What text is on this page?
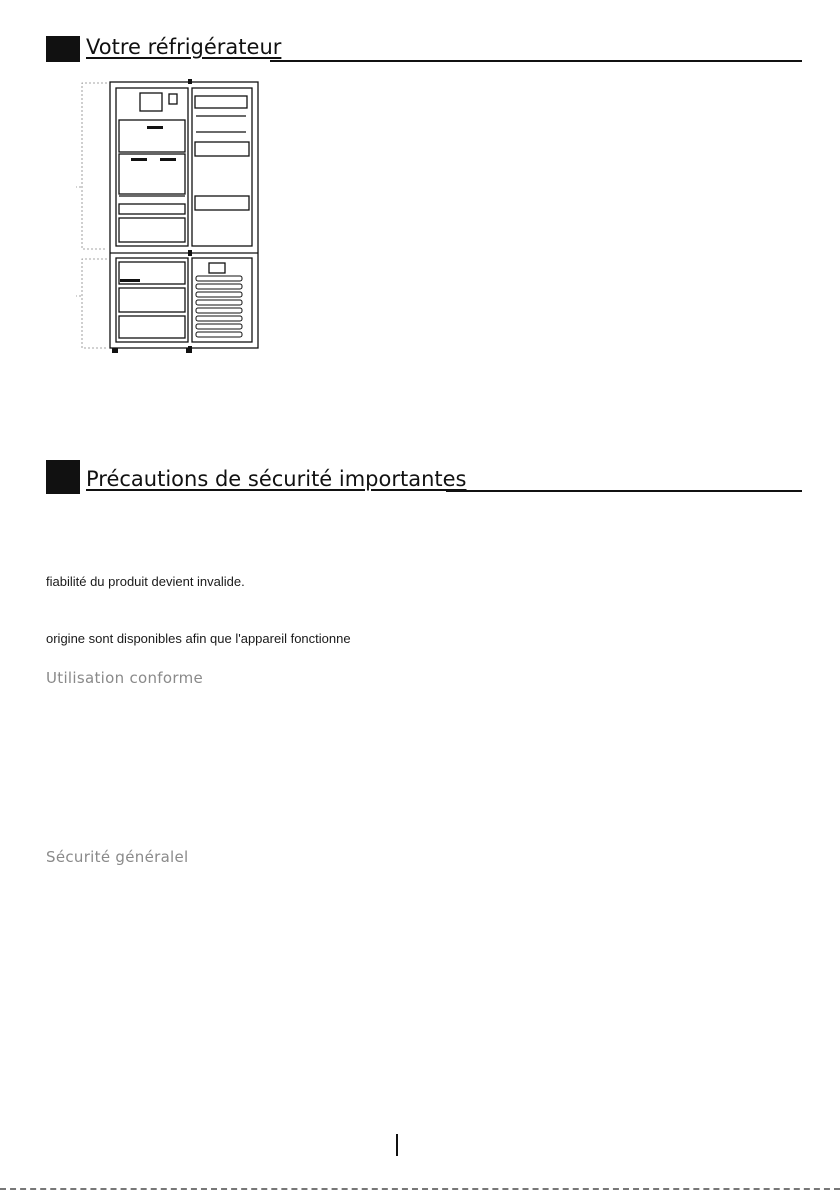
Votre réfrigérateur
Précautions de sécurité importantes

fiabilité du produit devient invalide.

origine sont disponibles afin que l'appareil fonctionne

Utilisation conforme
Sécurité généralel
